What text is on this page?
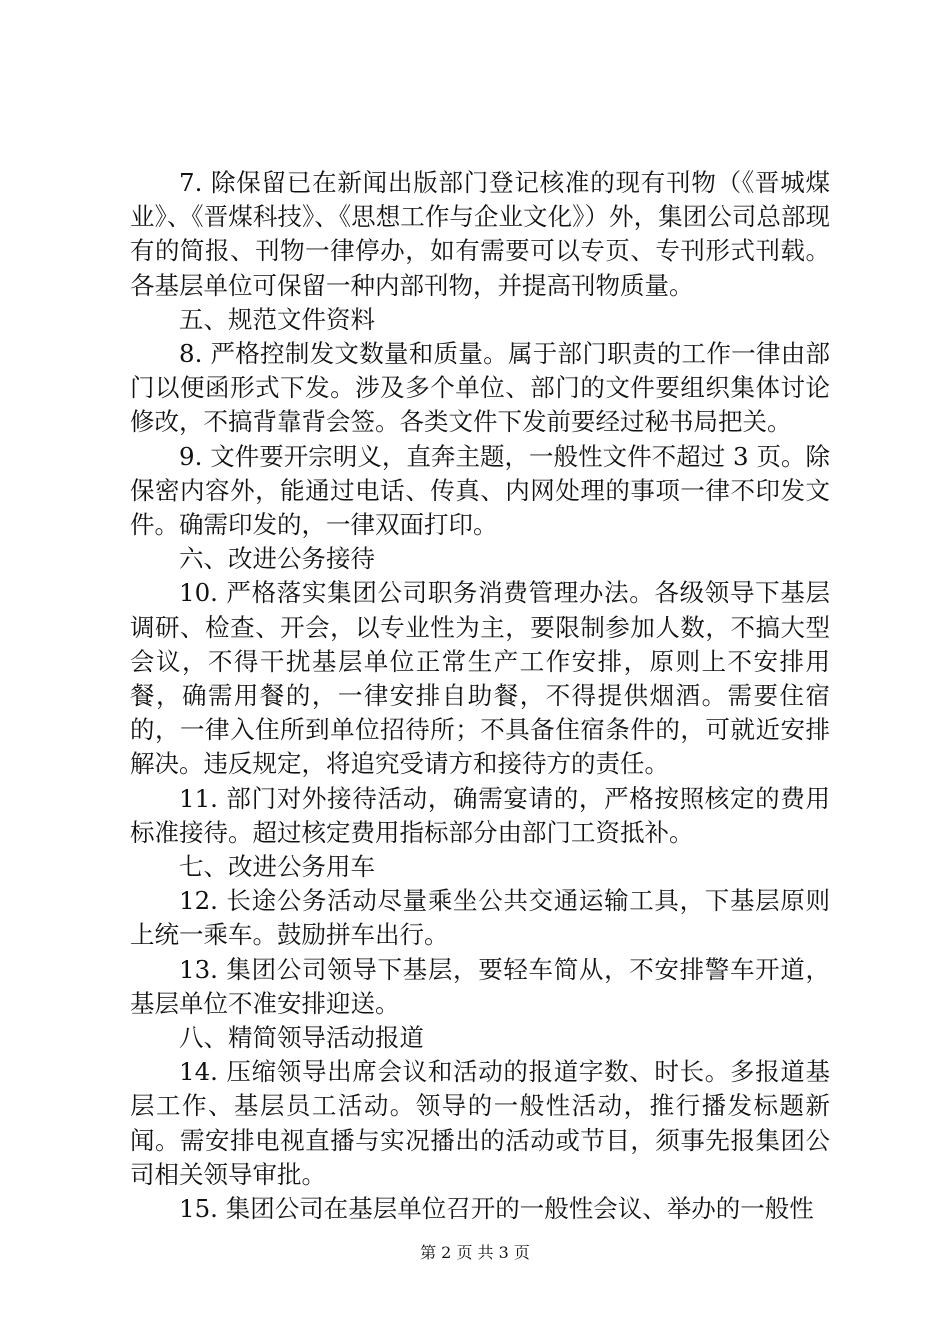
7. 除保留已在新闻出版部门登记核准的现有刊物（《晋城煤业》、《晋煤科技》、《思想工作与企业文化》）外，集团公司总部现有的简报、刊物一律停办，如有需要可以专页、专刊形式刊载。各基层单位可保留一种内部刊物，并提高刊物质量。

五、规范文件资料

8. 严格控制发文数量和质量。属于部门职责的工作一律由部门以便函形式下发。涉及多个单位、部门的文件要组织集体讨论修改，不搞背靠背会签。各类文件下发前要经过秘书局把关。

9. 文件要开宗明义，直奔主题，一般性文件不超过 3 页。除保密内容外，能通过电话、传真、内网处理的事项一律不印发文件。确需印发的，一律双面打印。

六、改进公务接待

10. 严格落实集团公司职务消费管理办法。各级领导下基层调研、检查、开会，以专业性为主，要限制参加人数，不搞大型会议，不得干扰基层单位正常生产工作安排，原则上不安排用餐，确需用餐的，一律安排自助餐，不得提供烟酒。需要住宿的，一律入住所到单位招待所；不具备住宿条件的，可就近安排解决。违反规定，将追究受请方和接待方的责任。

11. 部门对外接待活动，确需宴请的，严格按照核定的费用标准接待。超过核定费用指标部分由部门工资抵补。

七、改进公务用车

12. 长途公务活动尽量乘坐公共交通运输工具，下基层原则上统一乘车。鼓励拼车出行。

13. 集团公司领导下基层，要轻车简从，不安排警车开道，基层单位不准安排迎送。

八、精简领导活动报道

14. 压缩领导出席会议和活动的报道字数、时长。多报道基层工作、基层员工活动。领导的一般性活动，推行播发标题新闻。需安排电视直播与实况播出的活动或节目，须事先报集团公司相关领导审批。

15. 集团公司在基层单位召开的一般性会议、举办的一般性

第 2 页 共 3 页
